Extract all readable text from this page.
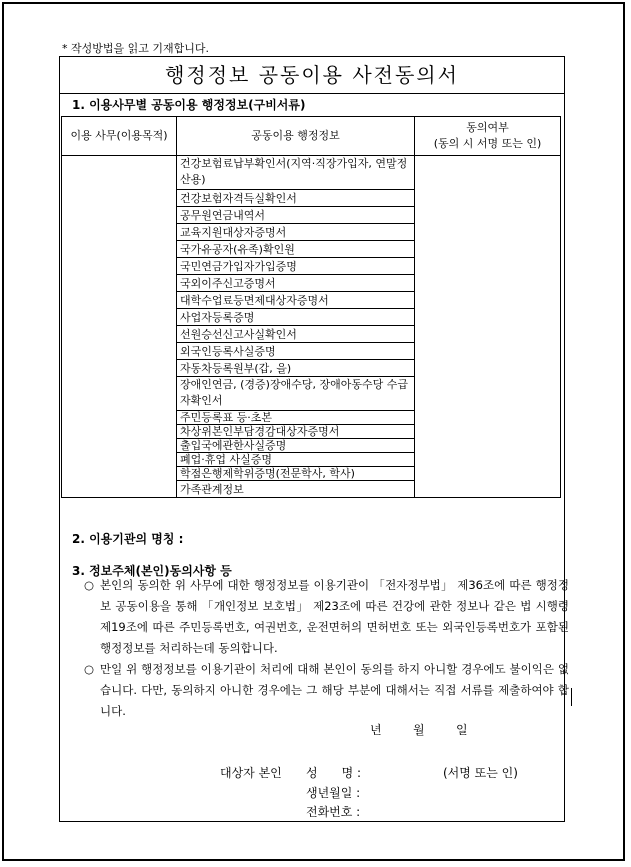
* 작성방법을 읽고 기재합니다.
행정정보 공동이용 사전동의서
1. 이용사무별 공동이용 행정정보(구비서류)
이용 사무(이용목적)	공동이용 행정정보	동의여부
(동의 시 서명 또는 인)

	건강보험료납부확인서(지역·직장가입자, 연말정산용)	
	건강보험자격득실확인서	
	공무원연금내역서	
	교육지원대상자증명서	
	국가유공자(유족)확인원	
	국민연금가입자가입증명	
	국외이주신고증명서	
	대학수업료등면제대상자증명서	
	사업자등록증명	
	선원승선신고사실확인서	
	외국인등록사실증명	
	자동차등록원부(갑, 을)	
	장애인연금, (경증)장애수당, 장애아동수당 수급자확인서	
	주민등록표 등·초본	
	차상위본인부담경감대상자증명서	
	출입국에관한사실증명	
	폐업·휴업 사실증명	
	학점은행제학위증명(전문학사, 학사)	
	가족관계정보	
2. 이용기관의 명칭 :
3. 정보주체(본인)동의사항 등
○ 본인의 동의한 위 사무에 대한 행정정보를 이용기관이 「전자정부법」 제36조에 따른 행정정보 공동이용을 통해 「개인정보 보호법」 제23조에 따른 건강에 관한 정보나 같은 법 시행령 제19조에 따른 주민등록번호, 여권번호, 운전면허의 면허번호 또는 외국인등록번호가 포함된 행정정보를 처리하는데 동의합니다.
○ 만일 위 행정정보를 이용기관이 처리에 대해 본인이 동의를 하지 아니할 경우에도 불이익은 없습니다. 다만, 동의하지 아니한 경우에는 그 해당 부분에 대해서는 직접 서류를 제출하여야 합니다.
년	월	일
대상자 본인 성　　명 :	(서명 또는 인)
생년월일 :
전화번호 :
